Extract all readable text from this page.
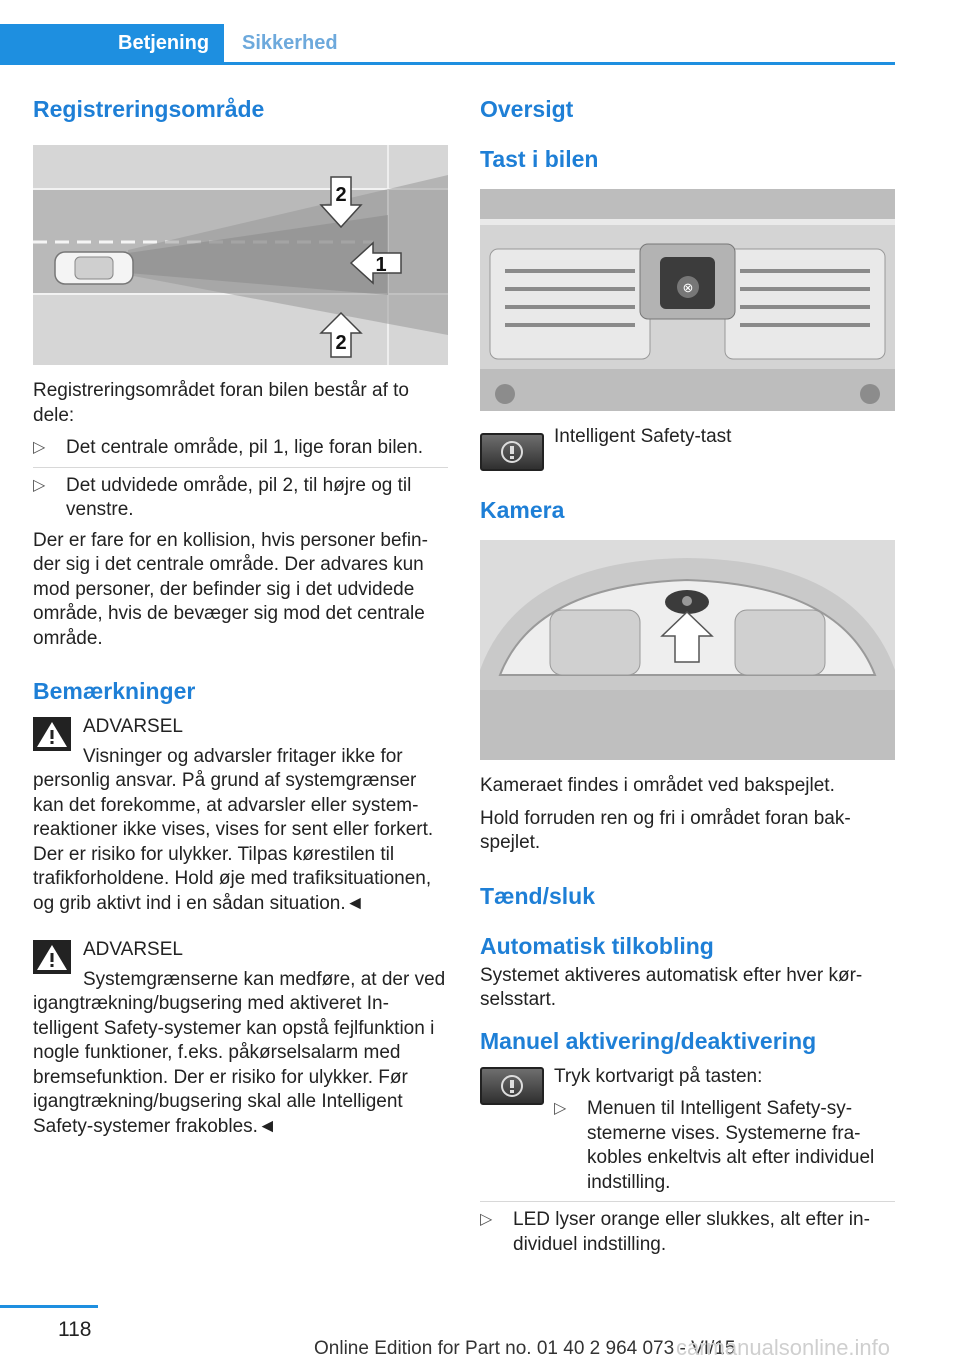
Betjening	Sikkerhed
Registreringsområde
2
1
2

Registreringsområdet foran bilen består af to dele:

▷ Det centrale område, pil 1, lige foran bilen.
▷ Det udvidede område, pil 2, til højre og til venstre.

Der er fare for en kollision, hvis personer befinder sig i det centrale område. Der advares kun mod personer, der befinder sig i det udvidede område, hvis de bevæger sig mod det centrale område.

Bemærkninger
ADVARSEL
Visninger og advarsler fritager ikke for personlig ansvar. På grund af systemgrænser kan det forekomme, at advarsler eller systemreaktioner ikke vises, vises for sent eller forkert. Der er risiko for ulykker. Tilpas kørestilen til trafikforholdene. Hold øje med trafiksituationen, og grib aktivt ind i en sådan situation.◄
ADVARSEL
Systemgrænserne kan medføre, at der ved igangtrækning/bugsering med aktiveret Intelligent Safety-systemer kan opstå fejlfunktion i nogle funktioner, f.eks. påkørselsalarm med bremsefunktion. Der er risiko for ulykker. Før igangtrækning/bugsering skal alle Intelligent Safety-systemer frakobles.◄
Oversigt
Tast i bilen
⊗

Intelligent Safety-tast

Kamera

Kameraet findes i området ved bakspejlet.

Hold forruden ren og fri i området foran bakspejlet.

Tænd/sluk
Automatisk tilkobling

Systemet aktiveres automatisk efter hver kørselsstart.

Manuel aktivering/deaktivering

Tryk kortvarigt på tasten:

▷ Menuen til Intelligent Safety-systemerne vises. Systemerne frakobles enkeltvis alt efter individuel indstilling.
▷ LED lyser orange eller slukkes, alt efter individuel indstilling.
118
Online Edition for Part no. 01 40 2 964 073 - VI/15
carmanualsonline.info
